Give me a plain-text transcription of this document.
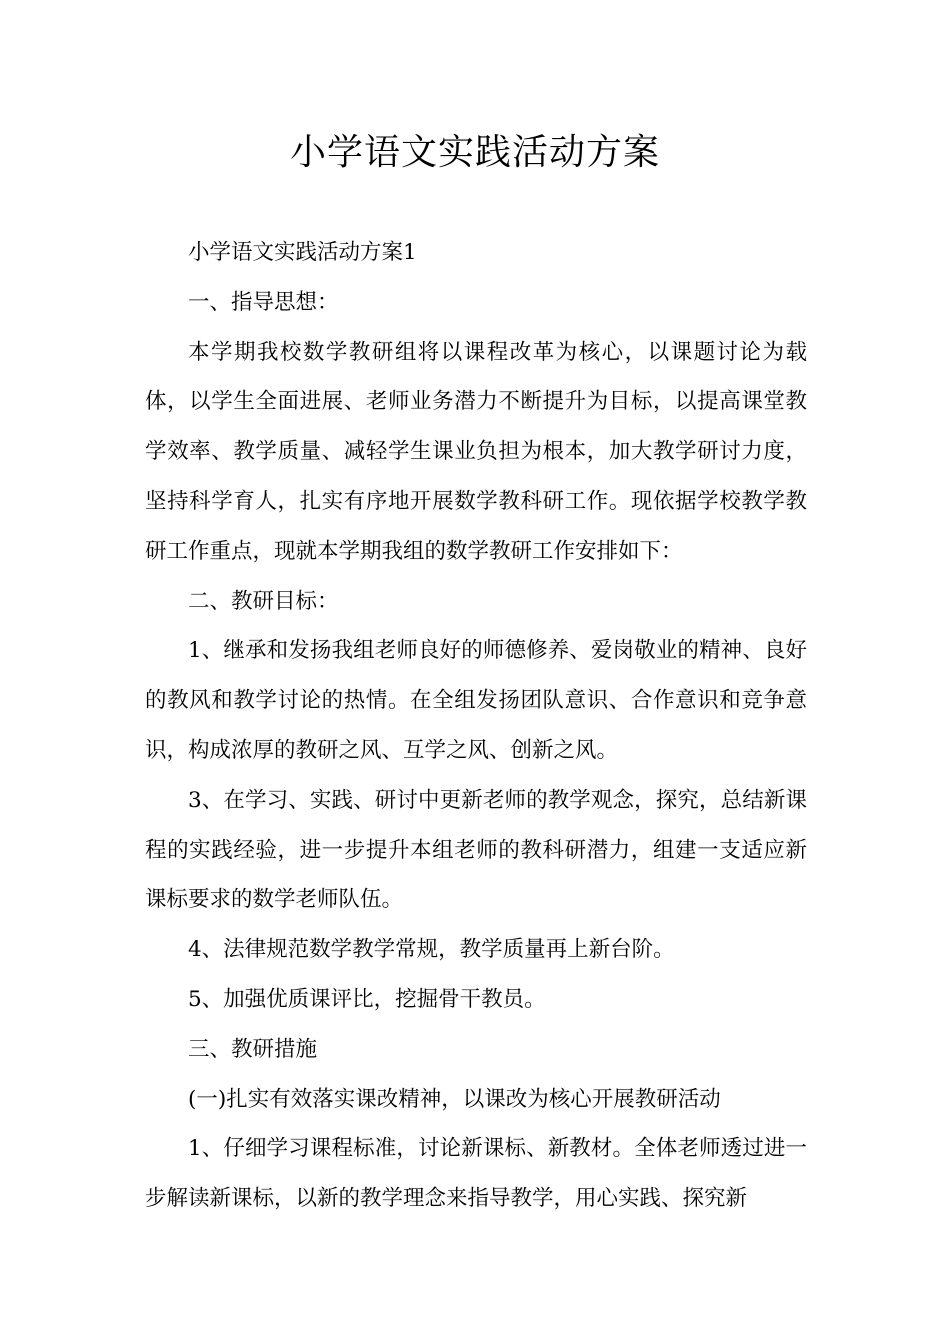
小学语文实践活动方案

小学语文实践活动方案1

一、指导思想：

本学期我校数学教研组将以课程改革为核心，以课题讨论为载体，以学生全面进展、老师业务潜力不断提升为目标，以提高课堂教学效率、教学质量、减轻学生课业负担为根本，加大教学研讨力度，坚持科学育人，扎实有序地开展数学教科研工作。现依据学校教学教研工作重点，现就本学期我组的数学教研工作安排如下：

二、教研目标：

1、继承和发扬我组老师良好的师德修养、爱岗敬业的精神、良好的教风和教学讨论的热情。在全组发扬团队意识、合作意识和竞争意识，构成浓厚的教研之风、互学之风、创新之风。

3、在学习、实践、研讨中更新老师的教学观念，探究，总结新课程的实践经验，进一步提升本组老师的教科研潜力，组建一支适应新课标要求的数学老师队伍。

4、法律规范数学教学常规，教学质量再上新台阶。

5、加强优质课评比，挖掘骨干教员。

三、教研措施

(一)扎实有效落实课改精神，以课改为核心开展教研活动

1、仔细学习课程标准，讨论新课标、新教材。全体老师透过进一步解读新课标，以新的教学理念来指导教学，用心实践、探究新
